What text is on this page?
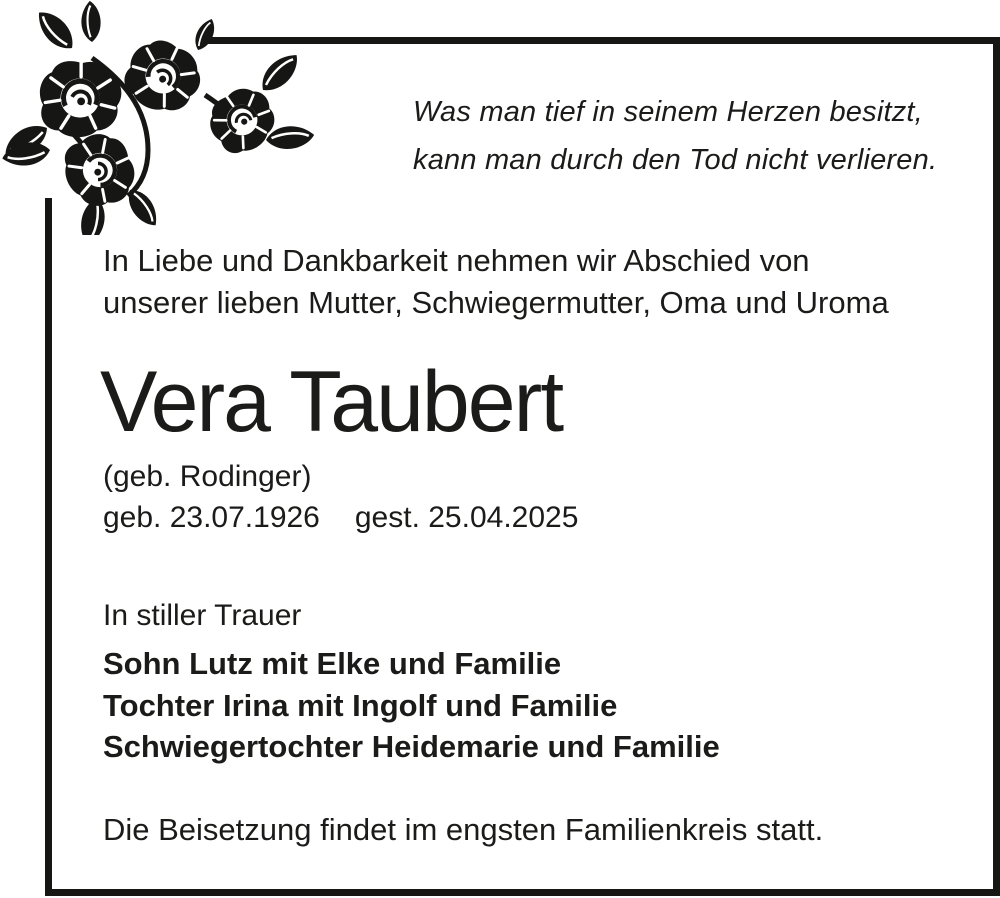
Was man tief in seinem Herzen besitzt,
kann man durch den Tod nicht verlieren.
In Liebe und Dankbarkeit nehmen wir Abschied von
unserer lieben Mutter, Schwiegermutter, Oma und Uroma
Vera Taubert
(geb. Rodinger)
geb. 23.07.1926 gest. 25.04.2025
In stiller Trauer
Sohn Lutz mit Elke und Familie
Tochter Irina mit Ingolf und Familie
Schwiegertochter Heidemarie und Familie
Die Beisetzung findet im engsten Familienkreis statt.
